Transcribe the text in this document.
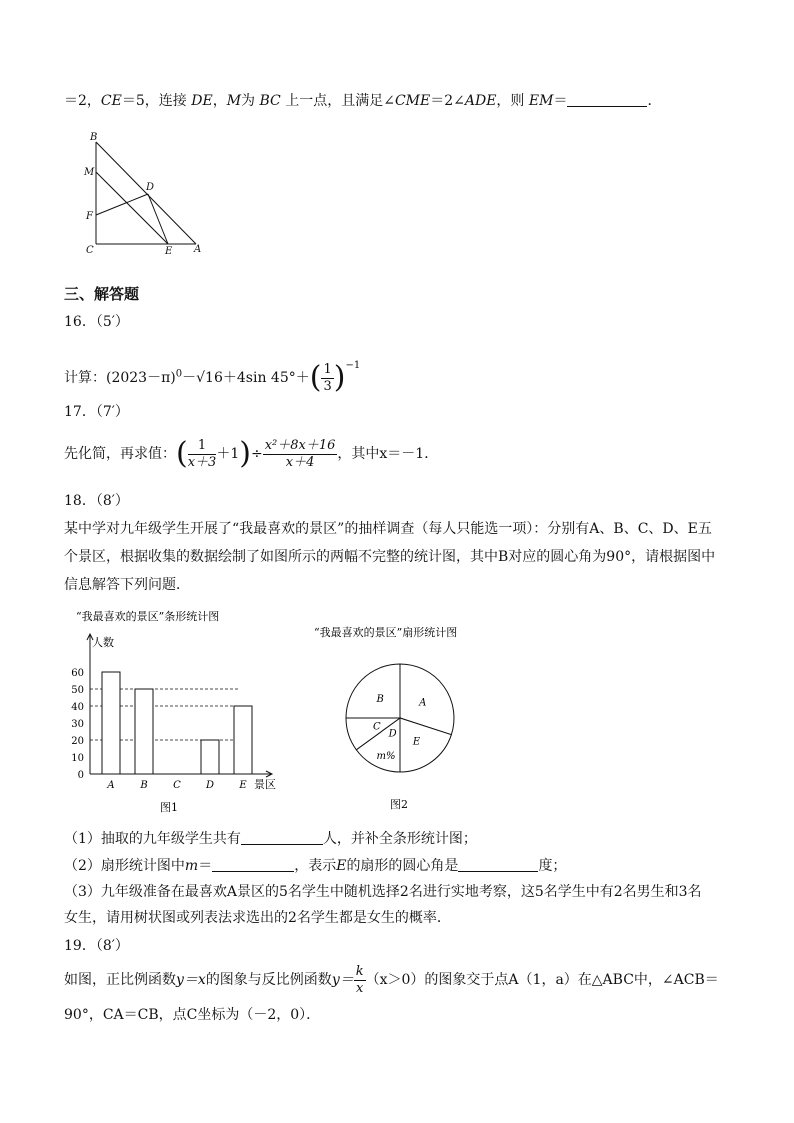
＝2，CE＝5，连接 DE，M为 BC 上一点，且满足∠CME＝2∠ADE，则 EM＝	．
B
M
D
F
C	E A
三、解答题
16．（5′）
计算：$(2023-\pi)^0-√16+4\sin$ $45^\circ+( \frac{1}{3} )^{-1}$
17．（7′）
先化简，再求值：( $\frac{1}{x+3} +1)\div \frac{\text{x²＋8x＋16}}{x+4}$ ，其中x＝－1．
18．（8′）
某中学对九年级学生开展了“我最喜欢的景区”的抽样调查（每人只能选一项）：分别有A、B、C、D、E五
个景区，根据收集的数据绘制了如图所示的两幅不完整的统计图，其中B对应的圆心角为90°，请根据图中
信息解答下列问题．
“我最喜欢的景区”条形统计图
人数
景区
图1
0
10
20
30
40
50
60
A	B	C	D	E
“我最喜欢的景区”扇形统计图
图2
A
E
D
C
B
m%
（1）抽取的九年级学生共有	人，并补全条形统计图；
（2）扇形统计图中m＝	，表示E的扇形的圆心角是	度；
（3）九年级准备在最喜欢A景区的5名学生中随机选择2名进行实地考察，这5名学生中有2名男生和3名
女生，请用树状图或列表法求选出的2名学生都是女生的概率．
19．（8′）
如图，正比例函数y＝x的图象与反比例函数$y= \frac{k}{x} (x>0)$的图象交于点A（1，a）在△ABC中，∠ACB＝
90°，CA＝CB，点C坐标为（－2，0）．
